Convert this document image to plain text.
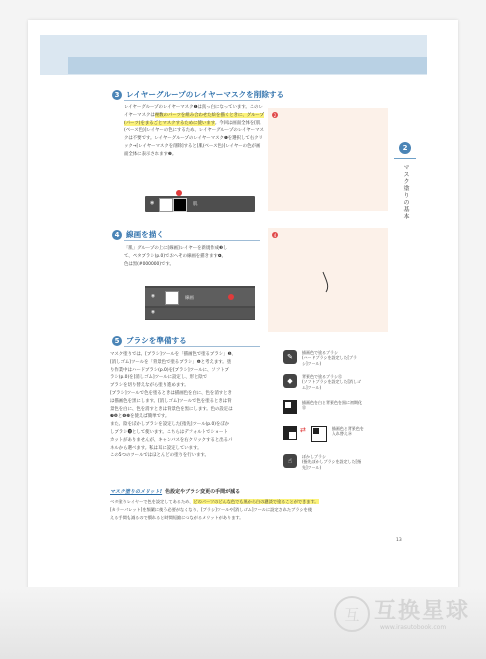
3 レイヤーグループのレイヤーマスクを削除する
レイヤーグループのレイヤーマスク❶は真っ白になっています。このレイヤーマスクは複数のパーツを組み合わせた絵を描くときに、グループ(パーツ)をまるごとマスクするために使います。今回は画面全体を[肌(ベース色)]レイヤーの色にするため、レイヤーグループのレイヤーマスクは不要です。レイヤーグループのレイヤーマスク❶を選択して右クリック→[レイヤーマスクを削除]すると[肌(ベース色)]レイヤーの色が画面全体に表示されます❷。
◉	肌
2
4 線画を描く
「肌」グループの上に[線画]レイヤーを新規作成❸し
て、ペタブラシ(p.0)でおへその線画を描きます❹。
色は黒(#000000)です。
◉	線画
◉
4
5 ブラシを準備する
マスク塗りでは、[ブラシ]ツールを「描画色で塗るブラシ」❺、
[消しゴム]ツールを「背景色で塗るブラシ」❻と考えます。塗
り作業中はハードブラシ(p.0)を[ブラシ]ツールに、ソフトブ
ラシ(p.0)を[消しゴム]ツールに設定し、形と陰で
ブラシを切り替えながら塗り進めます。
[ブラシ]ツールで色を塗るときは描画色を白に、色を消すとき
は描画色を黒にします。[消しゴム]ツールで色を塗るときは背
景色を白に、色を消すときは背景色を黒にします。色の設定は
❼❽と❾❿を使えば簡単です。
また、陰をぼかしブラシを設定した[指先]ツール(p.0)をぼか
しブラシ⓫として使います。こちらはデフォルトでショート
カットがありませんが、キャンバスを右クリックすると出るパ
ネルから選べます。私は耳に設定しています。
この5つのツールではほとんどの塗りを行います。
マスク塗りのメリット! 色設定やブラシ変更の手間が減る
ベタ塗りレイヤーで色を設定してあるため、どのパーツのどんな色でも黒から白の濃淡で塗ることができます。
[カラーパレット]を頻繁に使う必要がなくなり、[ブラシ]ツールや[消しゴム]ツールに設定されたブラシを使
える手間も減るので慣れると時間短縮につながるメリットがあります。
✎
描画色で塗るブラシ
(ハードブラシを設定した[ブラ
シ]ツール)
◆
背景色で塗るブラシ⑫
(ソフトブラシを設定した[消しゴ
ム]ツール)
描画色を白と背景色を黒に初期化
⑬
⇄	描画色と背景色を
入れ替え⑭
☝
ぼかしブラシ
(指先ぼかしブラシを設定した[指
先]ツール)
2
マスク塗りの基本
13
互 互换星球
www.irasutobook.com
